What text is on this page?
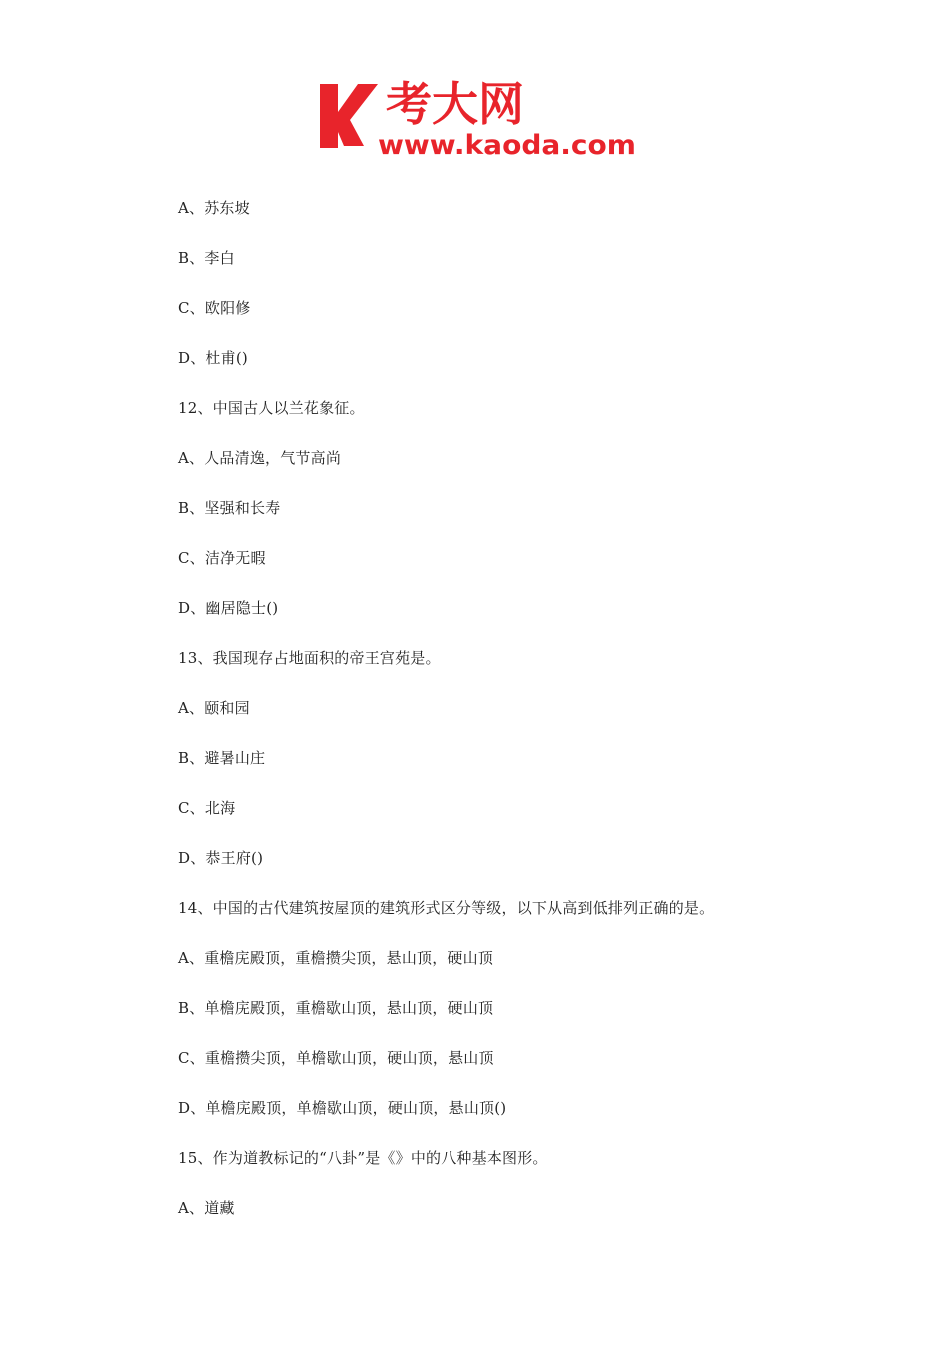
考大网
www.kaoda.com
A、苏东坡
B、李白
C、欧阳修
D、杜甫()
12、中国古人以兰花象征。
A、人品清逸，气节高尚
B、坚强和长寿
C、洁净无暇
D、幽居隐士()
13、我国现存占地面积的帝王宫苑是。
A、颐和园
B、避暑山庄
C、北海
D、恭王府()
14、中国的古代建筑按屋顶的建筑形式区分等级，以下从高到低排列正确的是。
A、重檐庑殿顶，重檐攒尖顶，悬山顶，硬山顶
B、单檐庑殿顶，重檐歇山顶，悬山顶，硬山顶
C、重檐攒尖顶，单檐歇山顶，硬山顶，悬山顶
D、单檐庑殿顶，单檐歇山顶，硬山顶，悬山顶()
15、作为道教标记的“八卦”是《》中的八种基本图形。
A、道藏
